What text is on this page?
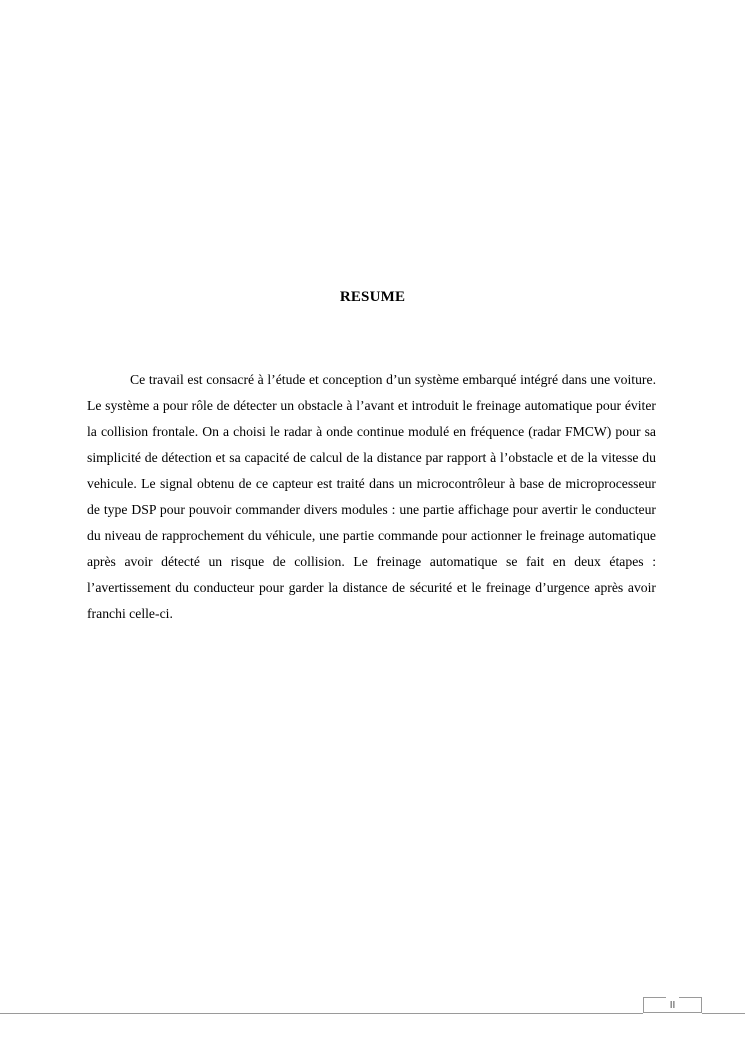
RESUME

Ce travail est consacré à l’étude et conception d’un système embarqué intégré dans une voiture. Le système a pour rôle de détecter un obstacle à l’avant et introduit le freinage automatique pour éviter la collision frontale. On a choisi le radar à onde continue modulé en fréquence (radar FMCW) pour sa simplicité de détection et sa capacité de calcul de la distance par rapport à l’obstacle et de la vitesse du vehicule. Le signal obtenu de ce capteur est traité dans un microcontrôleur à base de microprocesseur de type DSP pour pouvoir commander divers modules : une partie affichage pour avertir le conducteur du niveau de rapprochement du véhicule, une partie commande pour actionner le freinage automatique après avoir détecté un risque de collision. Le freinage automatique se fait en deux étapes : l’avertissement du conducteur pour garder la distance de sécurité et le freinage d’urgence après avoir franchi celle-ci.

II
